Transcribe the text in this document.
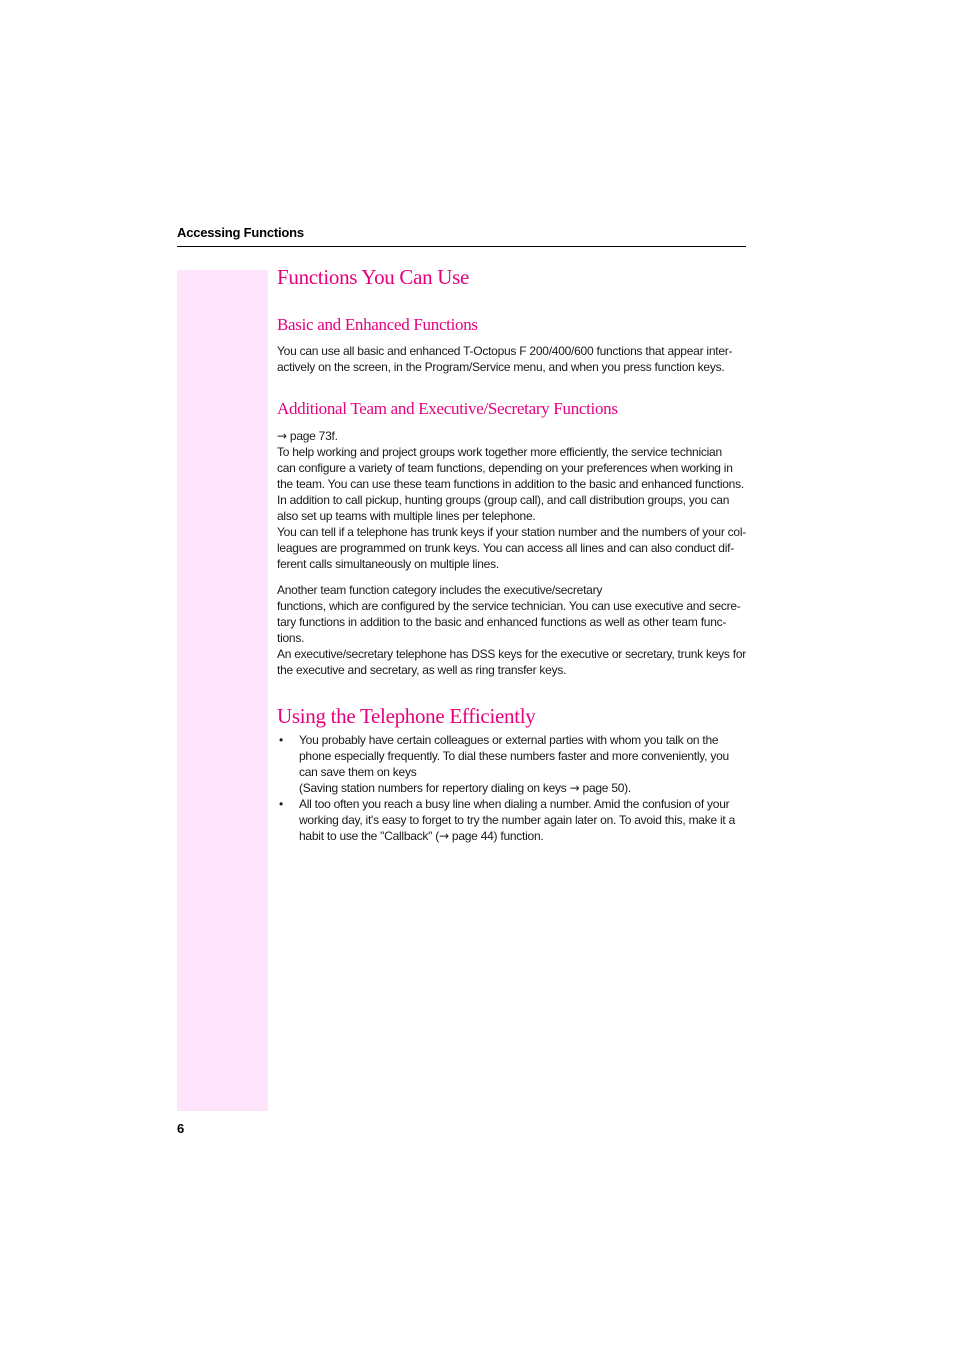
Accessing Functions
Functions You Can Use
Basic and Enhanced Functions

You can use all basic and enhanced T-Octopus F 200/400/600 functions that appear inter-

actively on the screen, in the Program/Service menu, and when you press function keys.

Additional Team and Executive/Secretary Functions

→ page 73f.

To help working and project groups work together more efficiently, the service technician

can configure a variety of team functions, depending on your preferences when working in

the team. You can use these team functions in addition to the basic and enhanced functions.

In addition to call pickup, hunting groups (group call), and call distribution groups, you can

also set up teams with multiple lines per telephone.

You can tell if a telephone has trunk keys if your station number and the numbers of your col-

leagues are programmed on trunk keys. You can access all lines and can also conduct dif-

ferent calls simultaneously on multiple lines.

Another team function category includes the executive/secretary

functions, which are configured by the service technician. You can use executive and secre-

tary functions in addition to the basic and enhanced functions as well as other team func-

tions.

An executive/secretary telephone has DSS keys for the executive or secretary, trunk keys for

the executive and secretary, as well as ring transfer keys.

Using the Telephone Efficiently
• You probably have certain colleagues or external parties with whom you talk on the
phone especially frequently. To dial these numbers faster and more conveniently, you
can save them on keys
(Saving station numbers for repertory dialing on keys → page 50).
• All too often you reach a busy line when dialing a number. Amid the confusion of your
working day, it's easy to forget to try the number again later on. To avoid this, make it a
habit to use the "Callback" (→ page 44) function.
6
